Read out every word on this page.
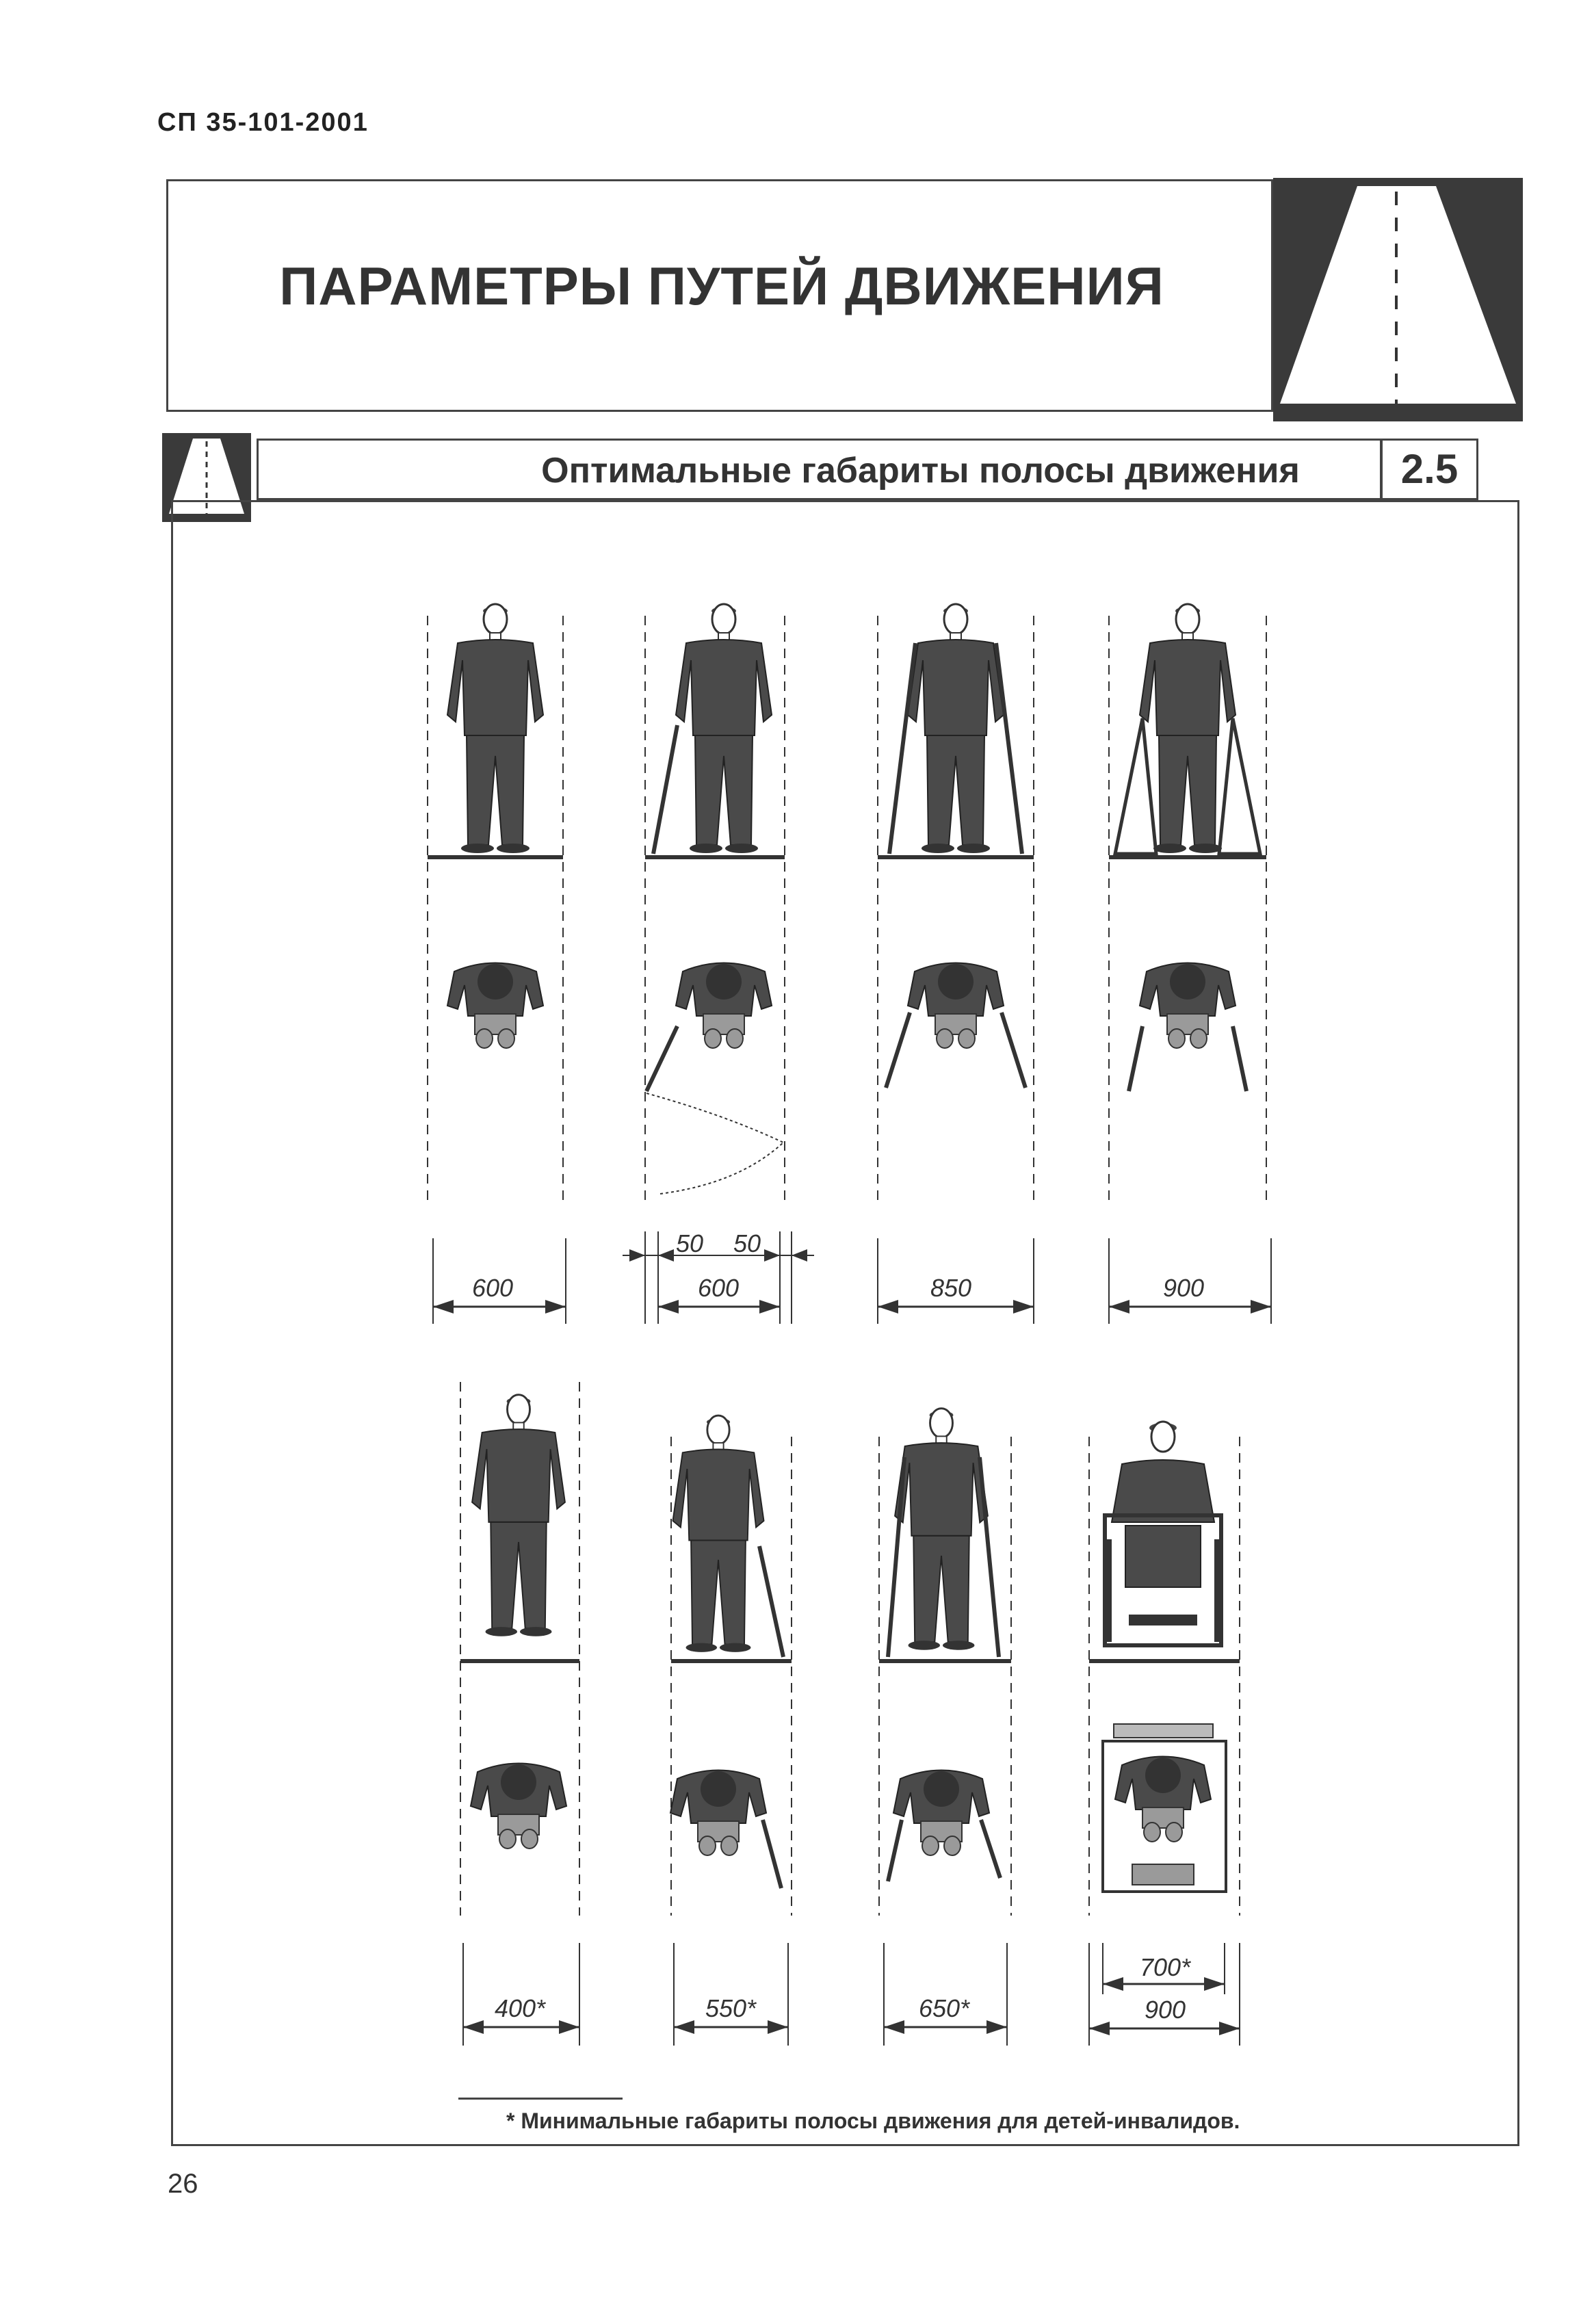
СП 35-101-2001
ПАРАМЕТРЫ ПУТЕЙ ДВИЖЕНИЯ
Оптимальные габариты полосы движения	2.5
600
50 50
600	850	900
400*	550*	650*
700*
900
* Минимальные габариты полосы движения для детей-инвалидов.
26
